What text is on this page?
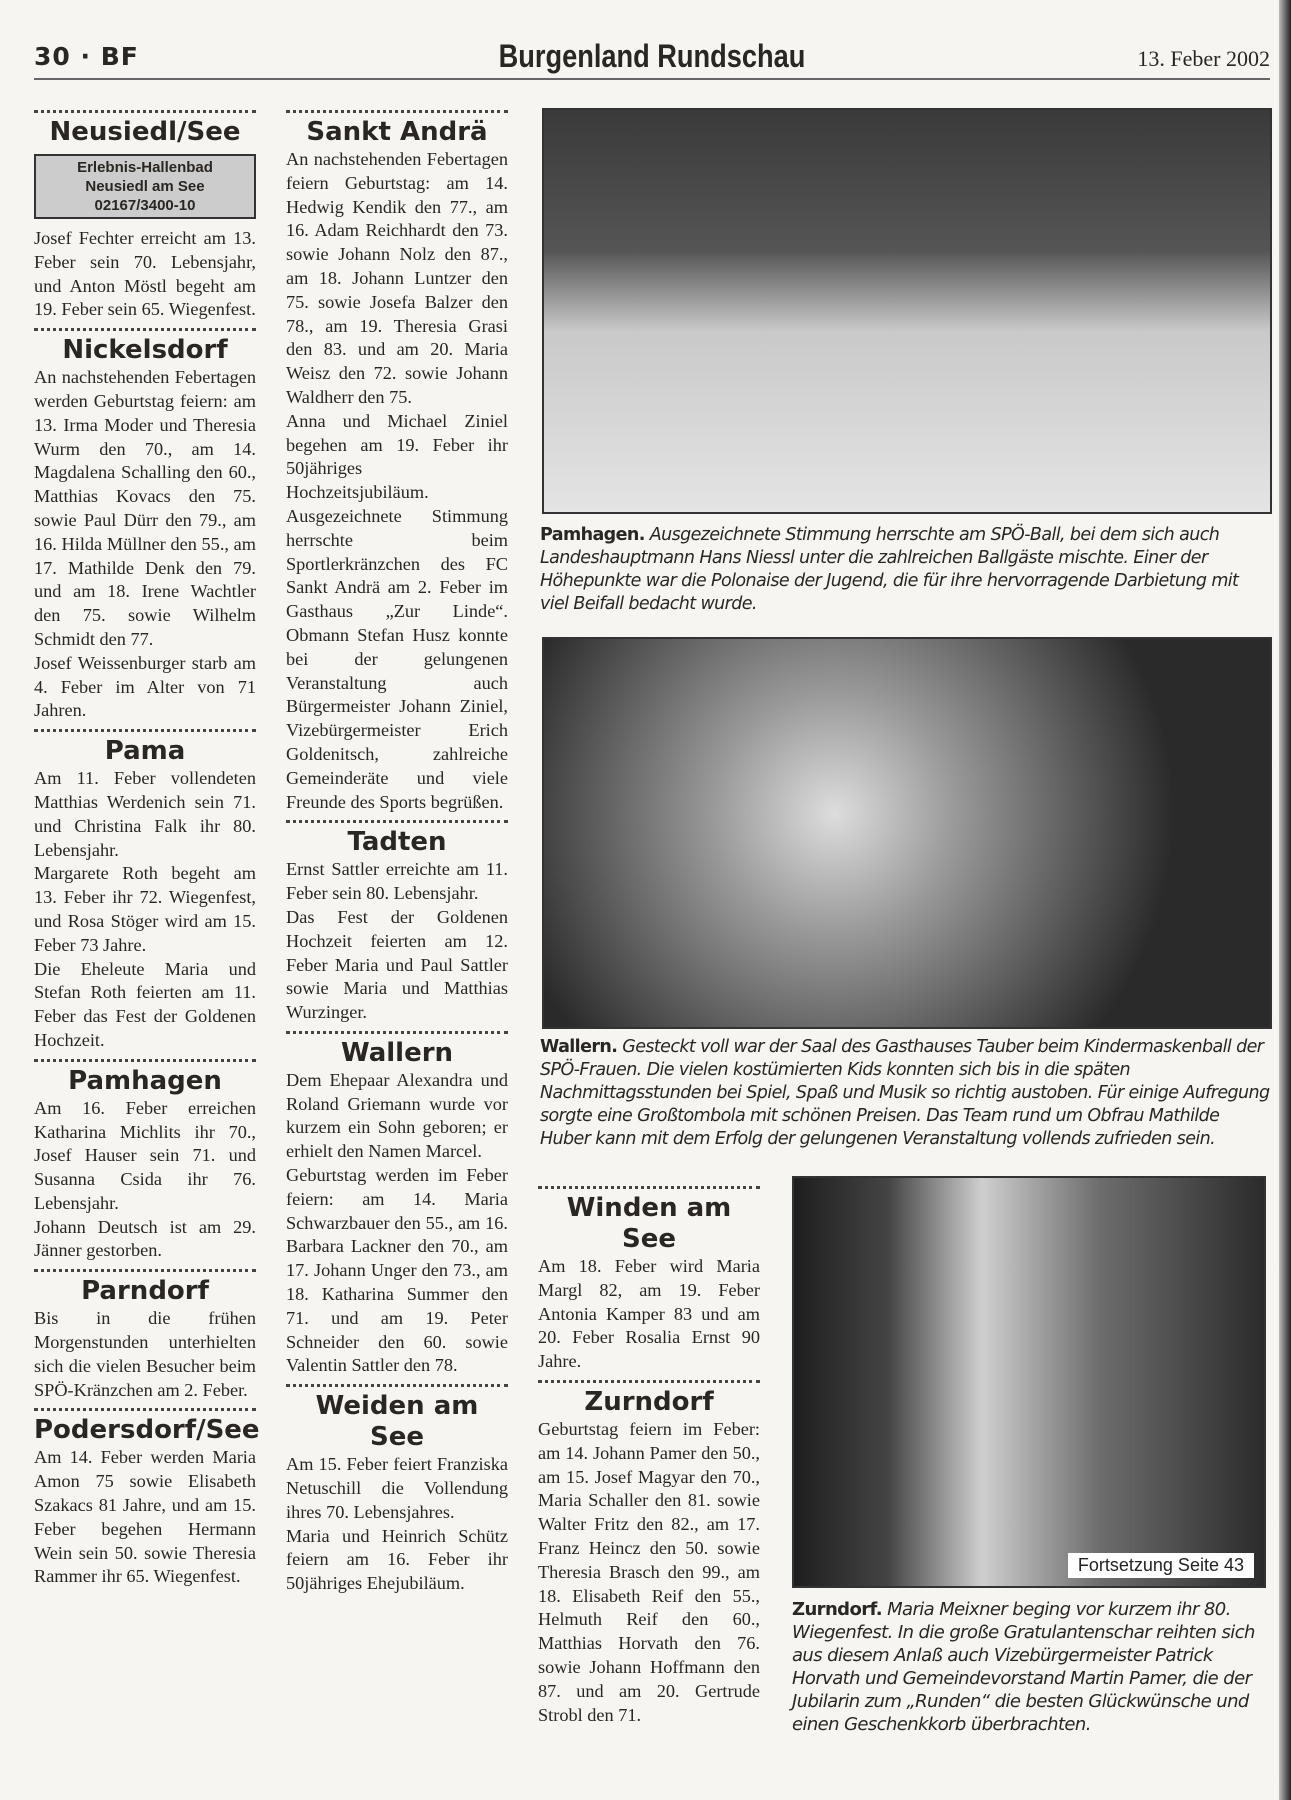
30 · BF	Burgenland Rundschau	13. Feber 2002
Neusiedl/See
Erlebnis-Hallenbad
Neusiedl am See
02167/3400-10

Josef Fechter erreicht am 13. Feber sein 70. Lebensjahr, und Anton Möstl begeht am 19. Feber sein 65. Wiegenfest.

Nickelsdorf

An nachstehenden Febertagen werden Geburtstag feiern: am 13. Irma Moder und Theresia Wurm den 70., am 14. Magdalena Schalling den 60., Matthias Kovacs den 75. sowie Paul Dürr den 79., am 16. Hilda Müllner den 55., am 17. Mathilde Denk den 79. und am 18. Irene Wachtler den 75. sowie Wilhelm Schmidt den 77.

Josef Weissenburger starb am 4. Feber im Alter von 71 Jahren.

Pama

Am 11. Feber vollendeten Matthias Werdenich sein 71. und Christina Falk ihr 80. Lebensjahr.

Margarete Roth begeht am 13. Feber ihr 72. Wiegenfest, und Rosa Stöger wird am 15. Feber 73 Jahre.

Die Eheleute Maria und Stefan Roth feierten am 11. Feber das Fest der Goldenen Hochzeit.

Pamhagen

Am 16. Feber erreichen Katharina Michlits ihr 70., Josef Hauser sein 71. und Susanna Csida ihr 76. Lebensjahr.

Johann Deutsch ist am 29. Jänner gestorben.

Parndorf

Bis in die frühen Morgenstunden unterhielten sich die vielen Besucher beim SPÖ-Kränzchen am 2. Feber.

Podersdorf/See

Am 14. Feber werden Maria Amon 75 sowie Elisabeth Szakacs 81 Jahre, und am 15. Feber begehen Hermann Wein sein 50. sowie Theresia Rammer ihr 65. Wiegenfest.

Sankt Andrä

An nachstehenden Febertagen feiern Geburtstag: am 14. Hedwig Kendik den 77., am 16. Adam Reichhardt den 73. sowie Johann Nolz den 87., am 18. Johann Luntzer den 75. sowie Josefa Balzer den 78., am 19. Theresia Grasi den 83. und am 20. Maria Weisz den 72. sowie Johann Waldherr den 75.

Anna und Michael Ziniel begehen am 19. Feber ihr 50jähriges Hochzeitsjubiläum.

Ausgezeichnete Stimmung herrschte beim Sportlerkränzchen des FC Sankt Andrä am 2. Feber im Gasthaus „Zur Linde“. Obmann Stefan Husz konnte bei der gelungenen Veranstaltung auch Bürgermeister Johann Ziniel, Vizebürgermeister Erich Goldenitsch, zahlreiche Gemeinderäte und viele Freunde des Sports begrüßen.

Tadten

Ernst Sattler erreichte am 11. Feber sein 80. Lebensjahr.

Das Fest der Goldenen Hochzeit feierten am 12. Feber Maria und Paul Sattler sowie Maria und Matthias Wurzinger.

Wallern

Dem Ehepaar Alexandra und Roland Griemann wurde vor kurzem ein Sohn geboren; er erhielt den Namen Marcel.

Geburtstag werden im Feber feiern: am 14. Maria Schwarzbauer den 55., am 16. Barbara Lackner den 70., am 17. Johann Unger den 73., am 18. Katharina Summer den 71. und am 19. Peter Schneider den 60. sowie Valentin Sattler den 78.

Weiden am See

Am 15. Feber feiert Franziska Netuschill die Vollendung ihres 70. Lebensjahres.

Maria und Heinrich Schütz feiern am 16. Feber ihr 50jähriges Ehejubiläum.

Winden am See

Am 18. Feber wird Maria Margl 82, am 19. Feber Antonia Kamper 83 und am 20. Feber Rosalia Ernst 90 Jahre.

Zurndorf

Geburtstag feiern im Feber: am 14. Johann Pamer den 50., am 15. Josef Magyar den 70., Maria Schaller den 81. sowie Walter Fritz den 82., am 17. Franz Heincz den 50. sowie Theresia Brasch den 99., am 18. Elisabeth Reif den 55., Helmuth Reif den 60., Matthias Horvath den 76. sowie Johann Hoffmann den 87. und am 20. Gertrude Strobl den 71.

Pamhagen. Ausgezeichnete Stimmung herrschte am SPÖ-Ball, bei dem sich auch Landeshauptmann Hans Niessl unter die zahlreichen Ballgäste mischte. Einer der Höhepunkte war die Polonaise der Jugend, die für ihre hervorragende Darbietung mit viel Beifall bedacht wurde.
Wallern. Gesteckt voll war der Saal des Gasthauses Tauber beim Kindermaskenball der SPÖ-Frauen. Die vielen kostümierten Kids konnten sich bis in die späten Nachmittagsstunden bei Spiel, Spaß und Musik so richtig austoben. Für einige Aufregung sorgte eine Großtombola mit schönen Preisen. Das Team rund um Obfrau Mathilde Huber kann mit dem Erfolg der gelungenen Veranstaltung vollends zufrieden sein.
Fortsetzung Seite 43
Zurndorf. Maria Meixner beging vor kurzem ihr 80. Wiegenfest. In die große Gratulantenschar reihten sich aus diesem Anlaß auch Vizebürgermeister Patrick Horvath und Gemeindevorstand Martin Pamer, die der Jubilarin zum „Runden“ die besten Glückwünsche und einen Geschenkkorb überbrachten.
